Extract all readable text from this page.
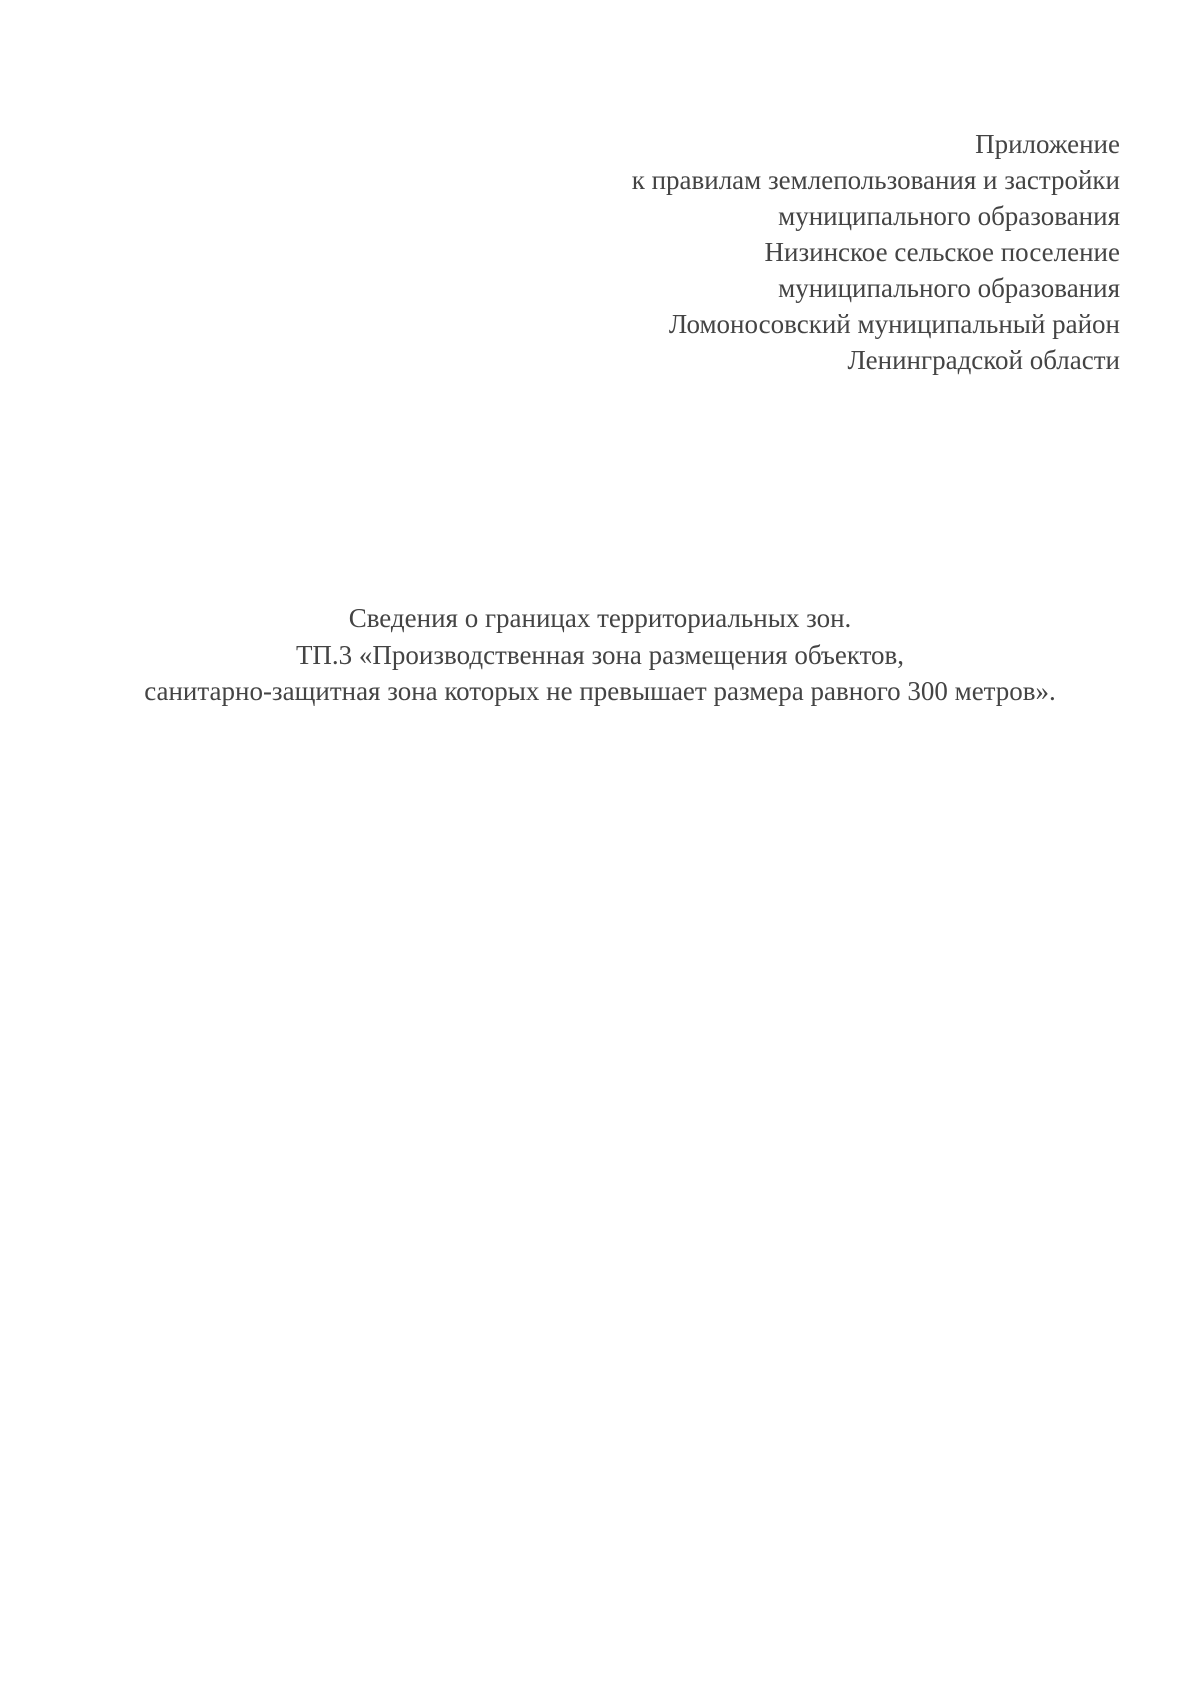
Приложение
к правилам землепользования и застройки
муниципального образования
Низинское сельское поселение
муниципального образования
Ломоносовский муниципальный район
Ленинградской области
Сведения о границах территориальных зон.
ТП.3 «Производственная зона размещения объектов,
санитарно-защитная зона которых не превышает размера равного 300 метров».
